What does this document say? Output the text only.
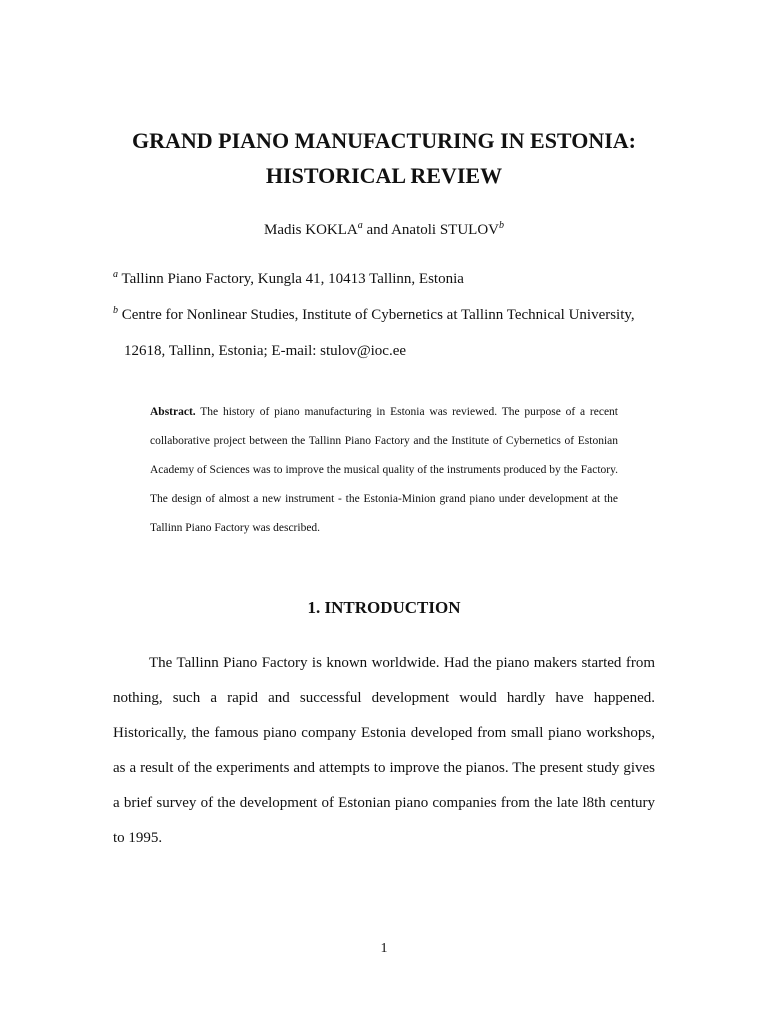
GRAND PIANO MANUFACTURING IN ESTONIA:
HISTORICAL REVIEW
Madis KOKLA$^a$ and Anatoli STULOV$^b$
$^a$ Tallinn Piano Factory, Kungla 41, 10413 Tallinn, Estonia
$^b$ Centre for Nonlinear Studies, Institute of Cybernetics at Tallinn Technical University,
12618, Tallinn, Estonia; E-mail: stulov@ioc.ee

Abstract. The history of piano manufacturing in Estonia was reviewed. The purpose of a recent collaborative project between the Tallinn Piano Factory and the Institute of Cybernetics of Estonian Academy of Sciences was to improve the musical quality of the instruments produced by the Factory. The design of almost a new instrument - the Estonia-Minion grand piano under development at the Tallinn Piano Factory was described.

1. INTRODUCTION

The Tallinn Piano Factory is known worldwide. Had the piano makers started from nothing, such a rapid and successful development would hardly have happened. Historically, the famous piano company Estonia developed from small piano workshops, as a result of the experiments and attempts to improve the pianos. The present study gives a brief survey of the development of Estonian piano companies from the late l8th century to 1995.

1
